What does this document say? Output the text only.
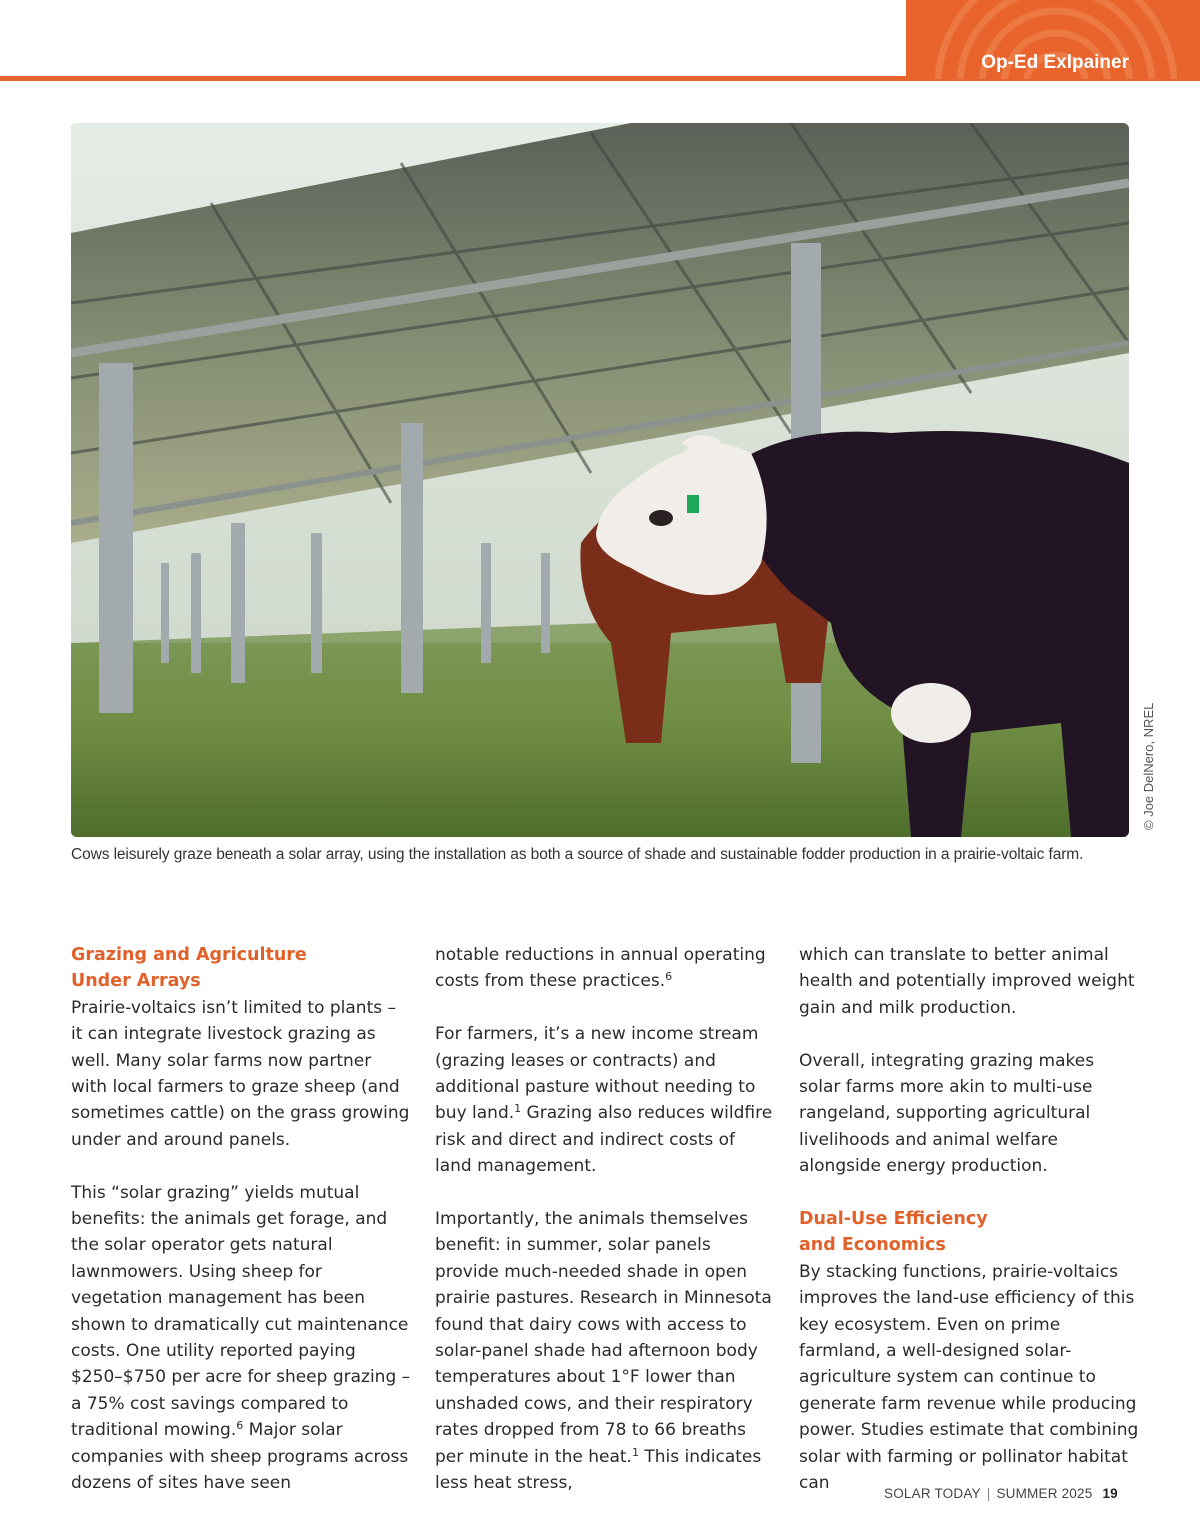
Op-Ed Exlpainer
© Joe DelNero, NREL
Cows leisurely graze beneath a solar array, using the installation as both a source of shade and sustainable fodder production in a prairie-voltaic farm.
Grazing and Agriculture
Under Arrays

Prairie-voltaics isn’t limited to plants – it can integrate livestock grazing as well. Many solar farms now partner with local farmers to graze sheep (and sometimes cattle) on the grass growing under and around panels.

This “solar grazing” yields mutual benefits: the animals get forage, and the solar operator gets natural lawnmowers. Using sheep for vegetation management has been shown to dramatically cut maintenance costs. One utility reported paying $250–$750 per acre for sheep grazing – a 75% cost savings compared to traditional mowing.$^6$ Major solar companies with sheep programs across dozens of sites have seen

notable reductions in annual operating costs from these practices.$^6$

For farmers, it’s a new income stream (grazing leases or contracts) and additional pasture without needing to buy land.$^1$ Grazing also reduces wildfire risk and direct and indirect costs of land management.

Importantly, the animals themselves benefit: in summer, solar panels provide much-needed shade in open prairie pastures. Research in Minnesota found that dairy cows with access to solar-panel shade had afternoon body temperatures about 1°F lower than unshaded cows, and their respiratory rates dropped from 78 to 66 breaths per minute in the heat.$^1$ This indicates less heat stress,

which can translate to better animal health and potentially improved weight gain and milk production.

Overall, integrating grazing makes solar farms more akin to multi-use rangeland, supporting agricultural livelihoods and animal welfare alongside energy production.

Dual-Use Efficiency
and Economics

By stacking functions, prairie-voltaics improves the land-use efficiency of this key ecosystem. Even on prime farmland, a well-designed solar-agriculture system can continue to generate farm revenue while producing power. Studies estimate that combining solar with farming or pollinator habitat can

SOLAR TODAY | SUMMER 2025 19
